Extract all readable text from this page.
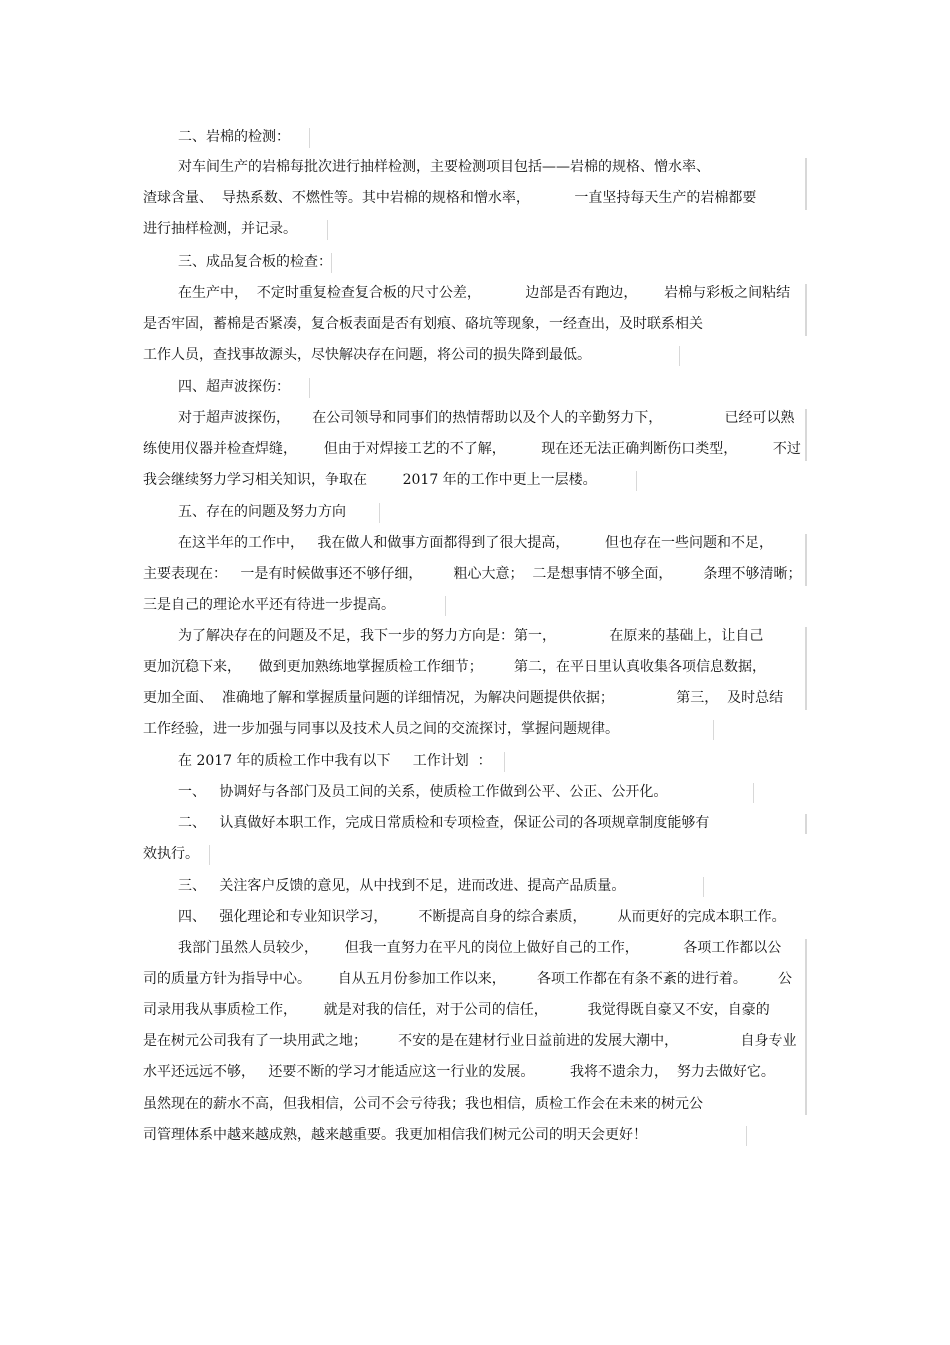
二、岩棉的检测：
对车间生产的岩棉每批次进行抽样检测，主要检测项目包括——岩棉的规格、憎水率、
渣球含量、  导热系数、不燃性等。其中岩棉的规格和憎水率，          一直坚持每天生产的岩棉都要
进行抽样检测，并记录。
三、成品复合板的检查：
在生产中，  不定时重复检查复合板的尺寸公差，          边部是否有跑边，      岩棉与彩板之间粘结
是否牢固，蓄棉是否紧凑，复合板表面是否有划痕、硌坑等现象，一经查出，及时联系相关
工作人员，查找事故源头，尽快解决存在问题，将公司的损失降到最低。
四、超声波探伤：
对于超声波探伤，     在公司领导和同事们的热情帮助以及个人的辛勤努力下，              已经可以熟
练使用仪器并检查焊缝，      但由于对焊接工艺的不了解，        现在还无法正确判断伤口类型，        不过
我会继续努力学习相关知识，争取在        2017 年的工作中更上一层楼。
五、存在的问题及努力方向
在这半年的工作中，   我在做人和做事方面都得到了很大提高，        但也存在一些问题和不足，
主要表现在：   一是有时候做事还不够仔细，       粗心大意；  二是想事情不够全面，       条理不够清晰；
三是自己的理论水平还有待进一步提高。
为了解决存在的问题及不足，我下一步的努力方向是：第一，            在原来的基础上，让自己
更加沉稳下来，    做到更加熟练地掌握质检工作细节；       第二，在平日里认真收集各项信息数据，
更加全面、  准确地了解和掌握质量问题的详细情况，为解决问题提供依据；              第三，  及时总结
工作经验，进一步加强与同事以及技术人员之间的交流探讨，掌握问题规律。
在 2017 年的质检工作中我有以下     工作计划  ：
一、   协调好与各部门及员工间的关系，使质检工作做到公平、公正、公开化。
二、   认真做好本职工作，完成日常质检和专项检查，保证公司的各项规章制度能够有
效执行。
三、   关注客户反馈的意见，从中找到不足，进而改进、提高产品质量。
四、   强化理论和专业知识学习，       不断提高自身的综合素质，       从而更好的完成本职工作。
我部门虽然人员较少，      但我一直努力在平凡的岗位上做好自己的工作，          各项工作都以公
司的质量方针为指导中心。      自从五月份参加工作以来，       各项工作都在有条不紊的进行着。       公
司录用我从事质检工作，      就是对我的信任，对于公司的信任，         我觉得既自豪又不安，自豪的
是在树元公司我有了一块用武之地；       不安的是在建材行业日益前进的发展大潮中，              自身专业
水平还远远不够，   还要不断的学习才能适应这一行业的发展。        我将不遗余力，  努力去做好它。
虽然现在的薪水不高，但我相信，公司不会亏待我；我也相信，质检工作会在未来的树元公
司管理体系中越来越成熟，越来越重要。我更加相信我们树元公司的明天会更好！
